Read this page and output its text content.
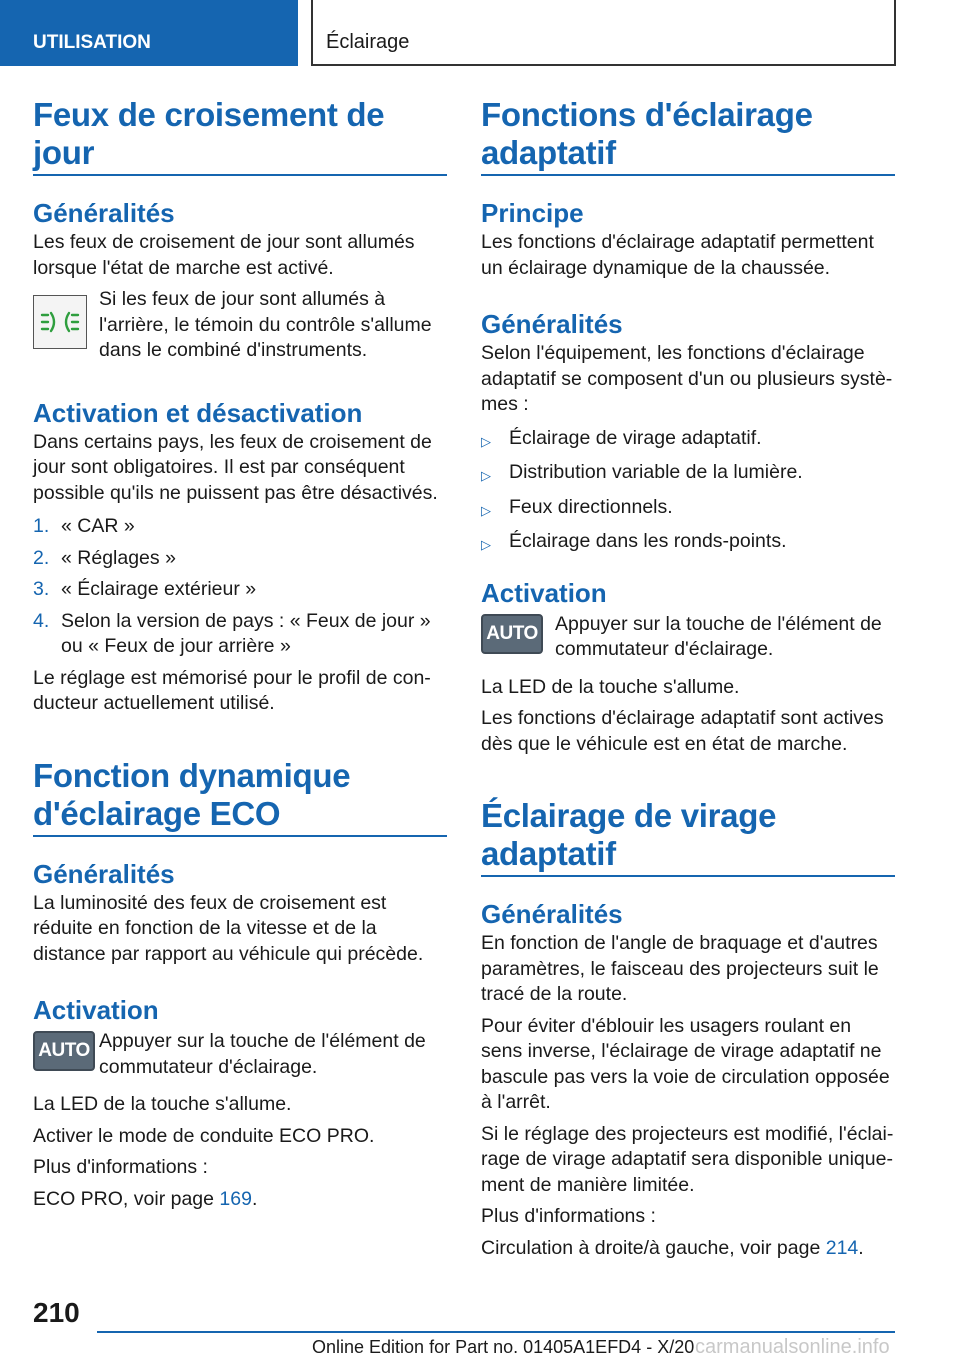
UTILISATION	Éclairage
Feux de croisement de jour
Généralités

Les feux de croisement de jour sont allumés lorsque l'état de marche est activé.

Si les feux de jour sont allumés à l'arrière, le témoin du contrôle s'allume dans le combiné d'instruments.

Activation et désactivation

Dans certains pays, les feux de croisement de jour sont obligatoires. Il est par conséquent possible qu'ils ne puissent pas être désactivés.

1. « CAR »
2. « Réglages »
3. « Éclairage extérieur »
4. Selon la version de pays : « Feux de jour » ou « Feux de jour arrière »

Le réglage est mémorisé pour le profil de conducteur actuellement utilisé.

Fonction dynamique d'éclairage ECO
Généralités

La luminosité des feux de croisement est réduite en fonction de la vitesse et de la distance par rapport au véhicule qui précède.

Activation
AUTO Appuyer sur la touche de l'élément de commutateur d'éclairage.

La LED de la touche s'allume.

Activer le mode de conduite ECO PRO.

Plus d'informations :

ECO PRO, voir page 169.

Fonctions d'éclairage adaptatif
Principe

Les fonctions d'éclairage adaptatif permettent un éclairage dynamique de la chaussée.

Généralités

Selon l'équipement, les fonctions d'éclairage adaptatif se composent d'un ou plusieurs systèmes :

▷ Éclairage de virage adaptatif.
▷ Distribution variable de la lumière.
▷ Feux directionnels.
▷ Éclairage dans les ronds-points.
Activation
AUTO Appuyer sur la touche de l'élément de commutateur d'éclairage.

La LED de la touche s'allume.

Les fonctions d'éclairage adaptatif sont actives dès que le véhicule est en état de marche.

Éclairage de virage adaptatif
Généralités

En fonction de l'angle de braquage et d'autres paramètres, le faisceau des projecteurs suit le tracé de la route.

Pour éviter d'éblouir les usagers roulant en sens inverse, l'éclairage de virage adaptatif ne bascule pas vers la voie de circulation opposée à l'arrêt.

Si le réglage des projecteurs est modifié, l'éclairage de virage adaptatif sera disponible uniquement de manière limitée.

Plus d'informations :

Circulation à droite/à gauche, voir page 214.

210
Online Edition for Part no. 01405A1EFD4 - X/20 carmanualsonline.info
